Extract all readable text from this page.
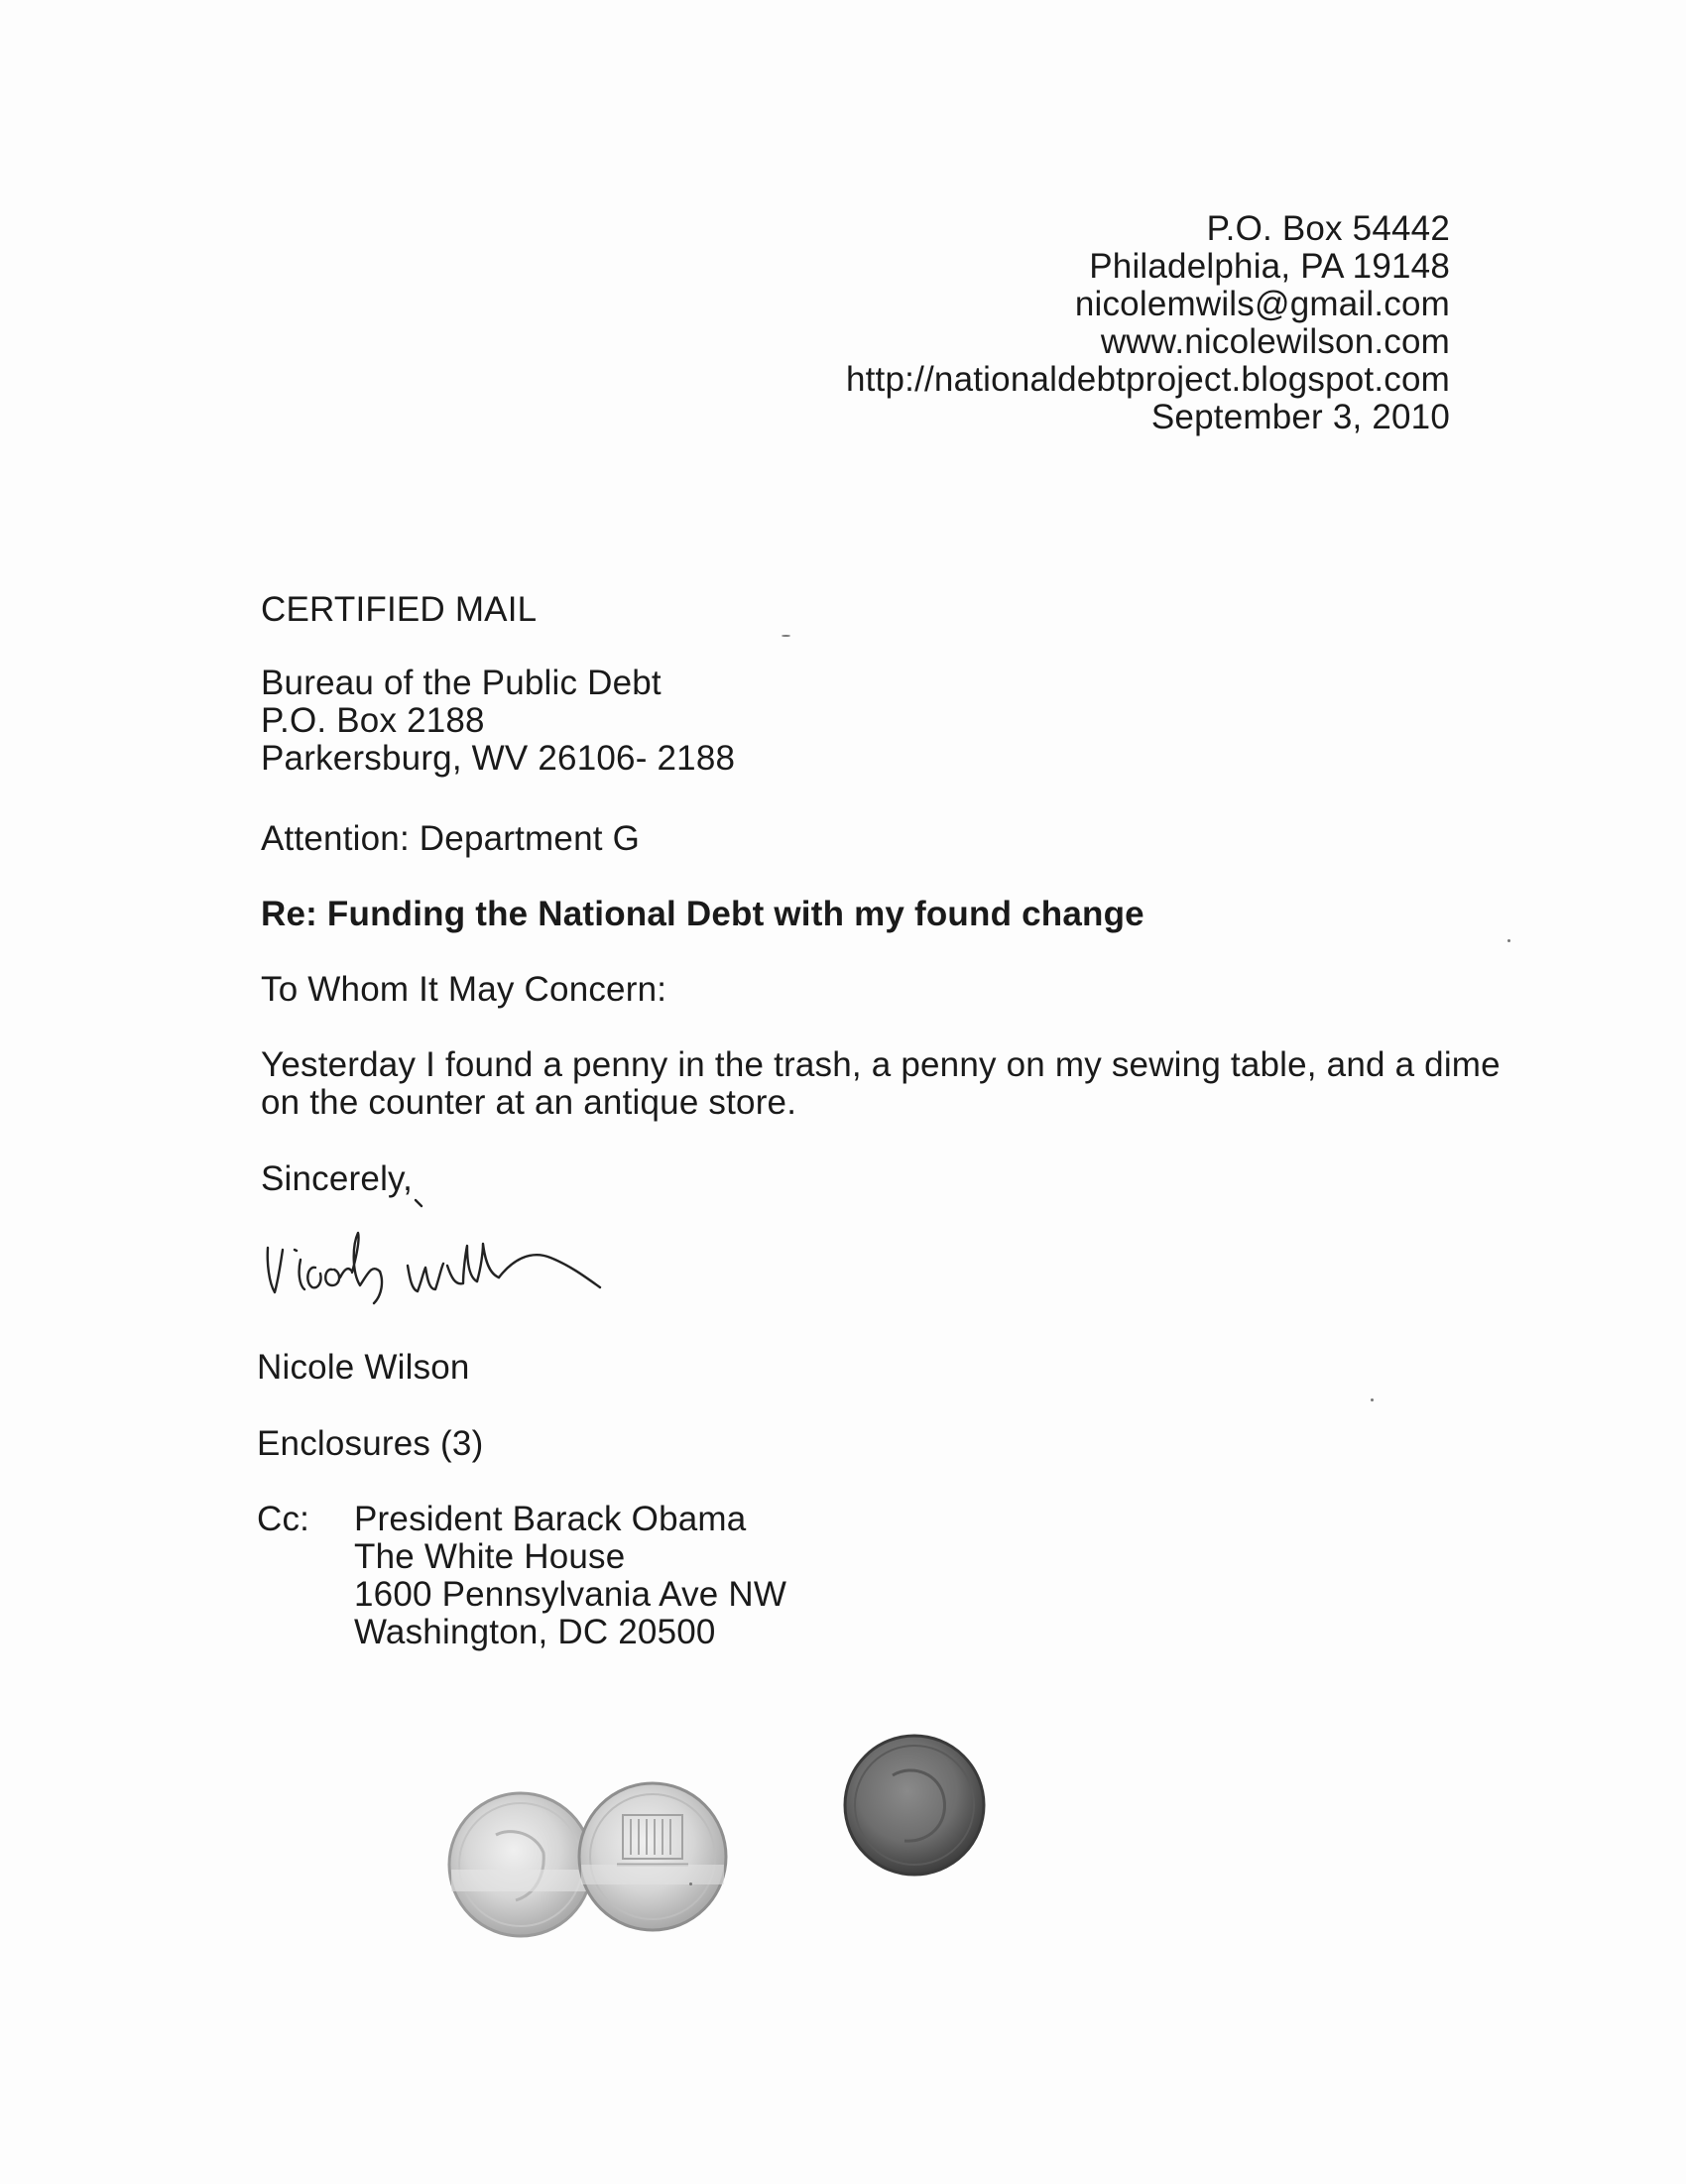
P.O. Box 54442
Philadelphia, PA 19148
nicolemwils@gmail.com
www.nicolewilson.com
http://nationaldebtproject.blogspot.com
September 3, 2010
CERTIFIED MAIL
Bureau of the Public Debt
P.O. Box 2188
Parkersburg, WV 26106- 2188
Attention: Department G
Re: Funding the National Debt with my found change
To Whom It May Concern:
Yesterday I found a penny in the trash, a penny on my sewing table, and a dime
on the counter at an antique store.
Sincerely,
Nicole Wilson
Enclosures (3)
Cc: President Barack Obama
The White House
1600 Pennsylvania Ave NW
Washington, DC 20500
